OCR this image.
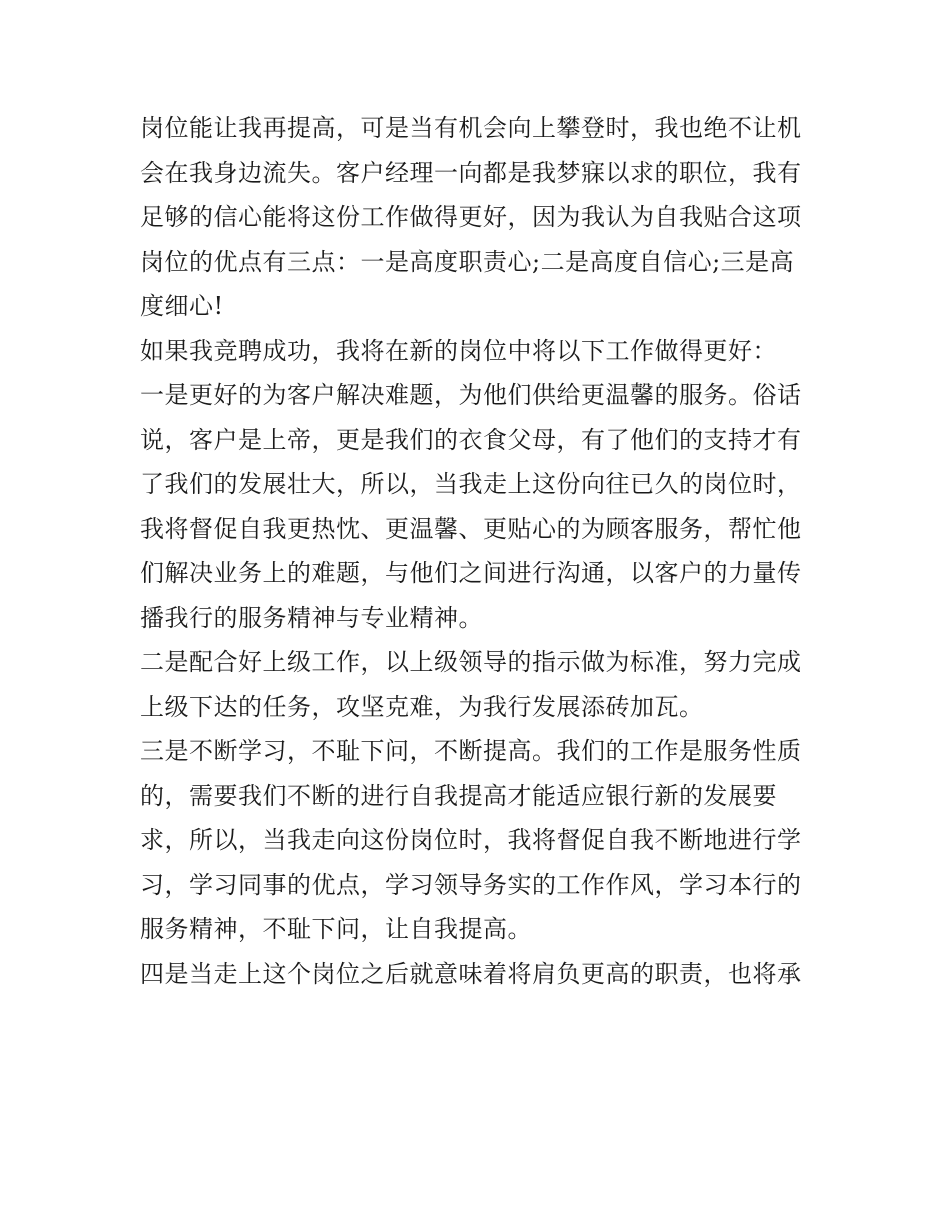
岗位能让我再提高，可是当有机会向上攀登时，我也绝不让机
会在我身边流失。客户经理一向都是我梦寐以求的职位，我有
足够的信心能将这份工作做得更好，因为我认为自我贴合这项
岗位的优点有三点：一是高度职责心;二是高度自信心;三是高
度细心!
如果我竞聘成功，我将在新的岗位中将以下工作做得更好：
一是更好的为客户解决难题，为他们供给更温馨的服务。俗话
说，客户是上帝，更是我们的衣食父母，有了他们的支持才有
了我们的发展壮大，所以，当我走上这份向往已久的岗位时，
我将督促自我更热忱、更温馨、更贴心的为顾客服务，帮忙他
们解决业务上的难题，与他们之间进行沟通，以客户的力量传
播我行的服务精神与专业精神。
二是配合好上级工作，以上级领导的指示做为标准，努力完成
上级下达的任务，攻坚克难，为我行发展添砖加瓦。
三是不断学习，不耻下问，不断提高。我们的工作是服务性质
的，需要我们不断的进行自我提高才能适应银行新的发展要
求，所以，当我走向这份岗位时，我将督促自我不断地进行学
习，学习同事的优点，学习领导务实的工作作风，学习本行的
服务精神，不耻下问，让自我提高。
四是当走上这个岗位之后就意味着将肩负更高的职责，也将承
